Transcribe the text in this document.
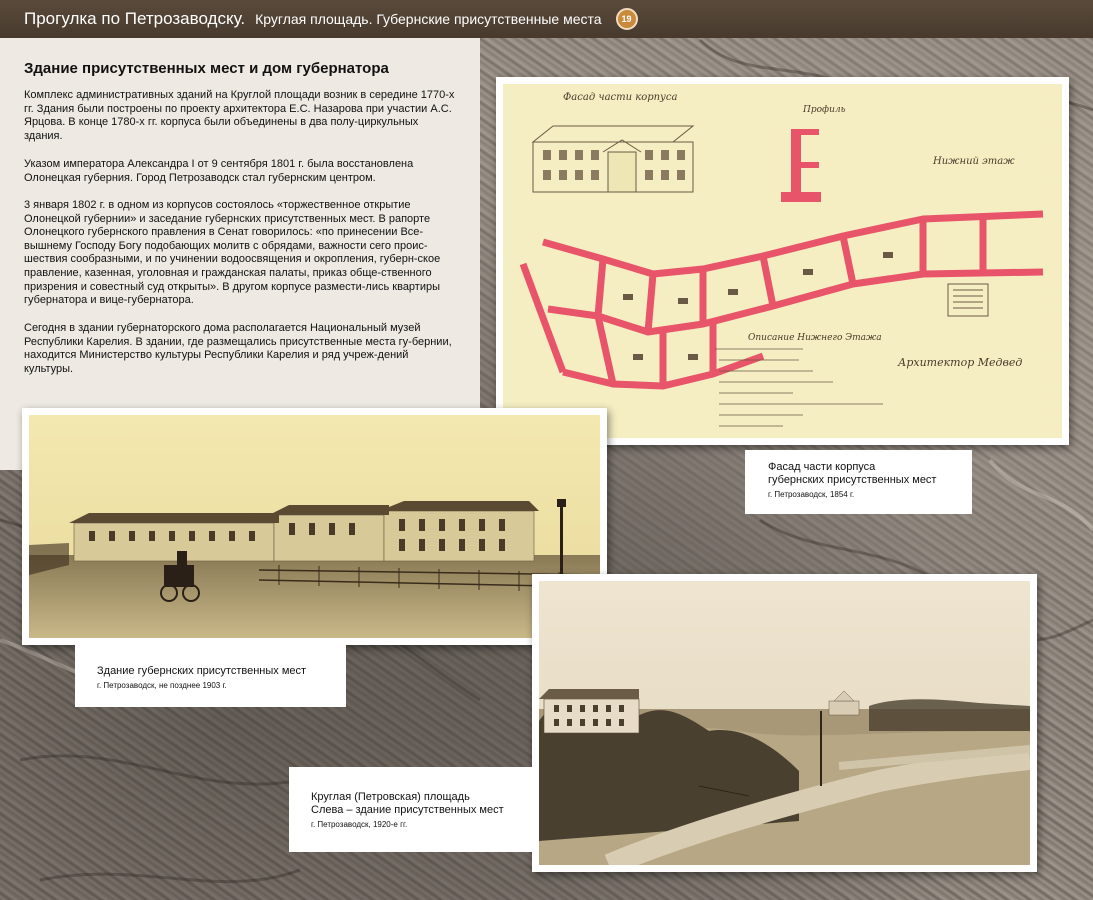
Прогулка по Петрозаводску. Круглая площадь. Губернские присутственные места	19
Здание присутственных мест и дом губернатора

Комплекс административных зданий на Круглой площади возник в середине 1770-х гг. Здания были построены по проекту архитектора Е.С. Назарова при участии А.С. Ярцова. В конце 1780-х гг. корпуса были объединены в два полу-циркульных здания.

Указом императора Александра I от 9 сентября 1801 г. была восстановлена Олонецкая губерния. Город Петрозаводск стал губернским центром.

3 января 1802 г. в одном из корпусов состоялось «торжественное открытие Олонецкой губернии» и заседание губернских присутственных мест. В рапорте Олонецкого губернского правления в Сенат говорилось: «по принесении Все-вышнему Господу Богу подобающих молитв с обрядами, важности сего проис-шествия сообразными, и по учинении водоосвящения и окропления, губерн-ское правление, казенная, уголовная и гражданская палаты, приказ обще-ственного призрения и совестный суд открыты». В другом корпусе размести-лись квартиры губернатора и вице-губернатора.

Сегодня в здании губернаторского дома располагается Национальный музей Республики Карелия. В здании, где размещались присутственные места гу-бернии, находится Министерство культуры Республики Карелия и ряд учреж-дений культуры.

Фасад части корпуса
Профиль
Нижний этаж
Описание Нижнего Этажа
Архитектор Медвед
Фасад части корпуса
губернских присутственных мест
г. Петрозаводск, 1854 г.
Здание губернских присутственных мест
г. Петрозаводск, не позднее 1903 г.
Круглая (Петровская) площадь
Слева – здание присутственных мест
г. Петрозаводск, 1920-е гг.
